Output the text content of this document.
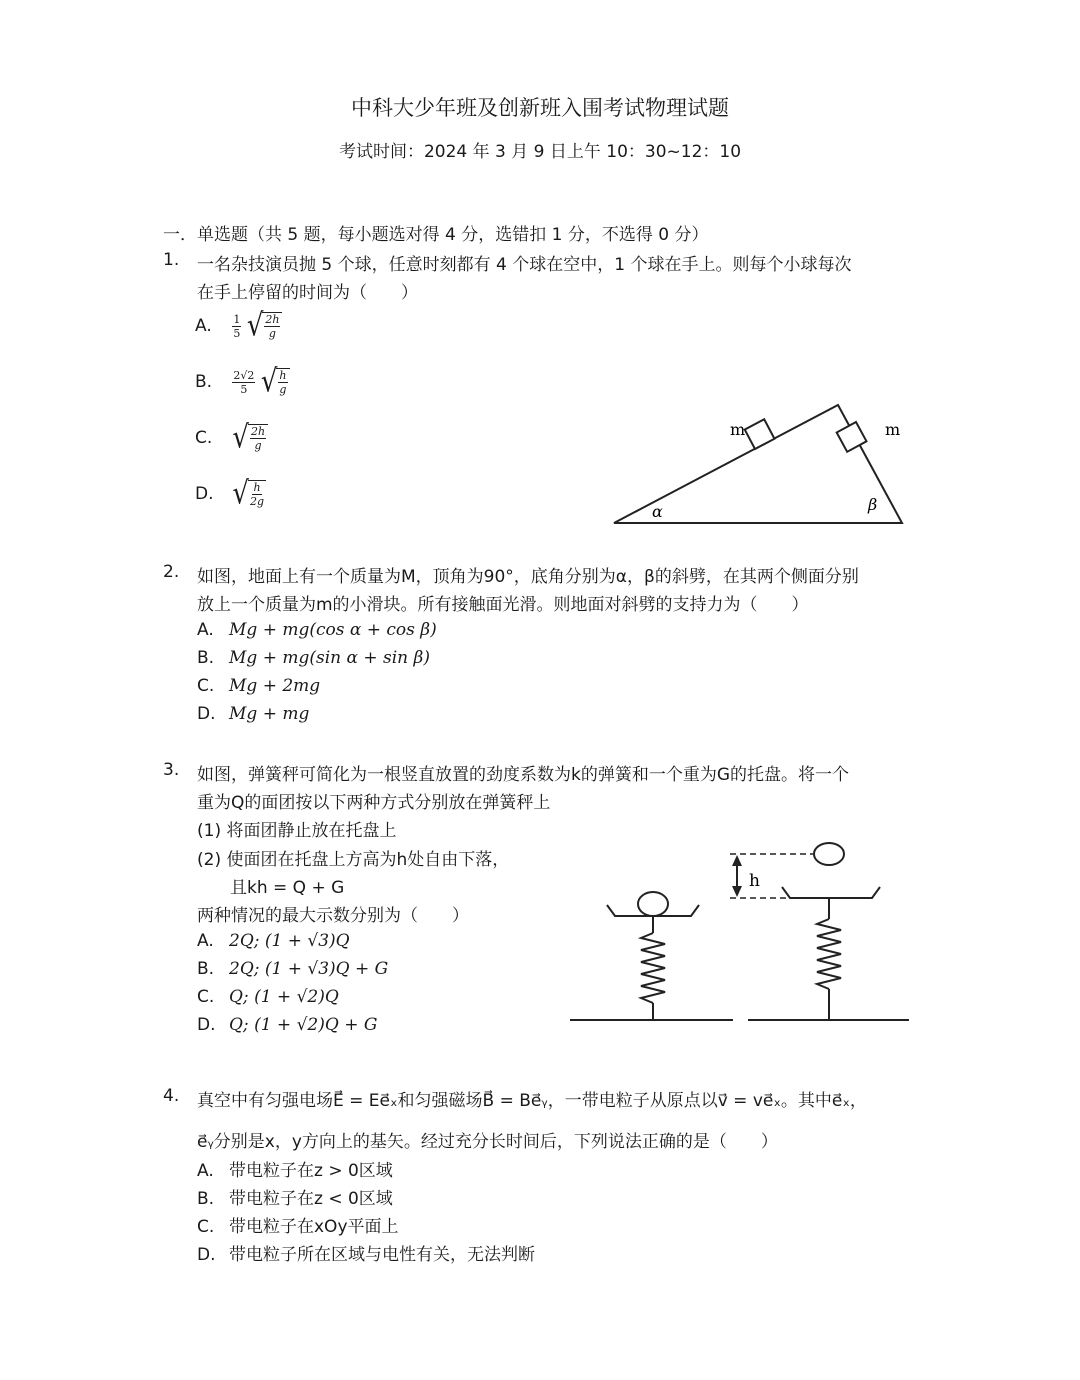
中科大少年班及创新班入围考试物理试题
考试时间：2024 年 3 月 9 日上午 10：30~12：10
一．单选题（共 5 题，每小题选对得 4 分，选错扣 1 分，不选得 0 分）
1. 一名杂技演员抛 5 个球，任意时刻都有 4 个球在空中，1 个球在手上。则每个小球每次
在手上停留的时间为（　　）
A. $\frac{1}{5}$
√ $\frac{2h}{g}$
B. $\frac{2√2}{5}$
√ $\frac{h}{g}$
C. √ $\frac{2h}{g}$
D. √ $\frac{h}{2g}$
m	m
α	β
2. 如图，地面上有一个质量为M，顶角为90°，底角分别为α，β的斜劈，在其两个侧面分别
放上一个质量为m的小滑块。所有接触面光滑。则地面对斜劈的支持力为（　　）
A. Mg + mg(cos α + cos β)
B. Mg + mg(sin α + sin β)
C. Mg + 2mg
D. Mg + mg
3. 如图，弹簧秤可简化为一根竖直放置的劲度系数为k的弹簧和一个重为G的托盘。将一个
重为Q的面团按以下两种方式分别放在弹簧秤上
(1) 将面团静止放在托盘上
(2) 使面团在托盘上方高为h处自由下落，
且kh = Q + G
两种情况的最大示数分别为（　　）
A. 2Q; (1 + √3)Q
B. 2Q; (1 + √3)Q + G
C. Q; (1 + √2)Q
D. Q; (1 + √2)Q + G
h
4. 真空中有匀强电场E⃗ = Ee⃗ₓ和匀强磁场B⃗ = Be⃗ᵧ，一带电粒子从原点以v⃗ = ve⃗ₓ。其中e⃗ₓ，
e⃗ᵧ分别是x，y方向上的基矢。经过充分长时间后，下列说法正确的是（　　）
A. 带电粒子在z > 0区域
B. 带电粒子在z < 0区域
C. 带电粒子在xOy平面上
D. 带电粒子所在区域与电性有关，无法判断
